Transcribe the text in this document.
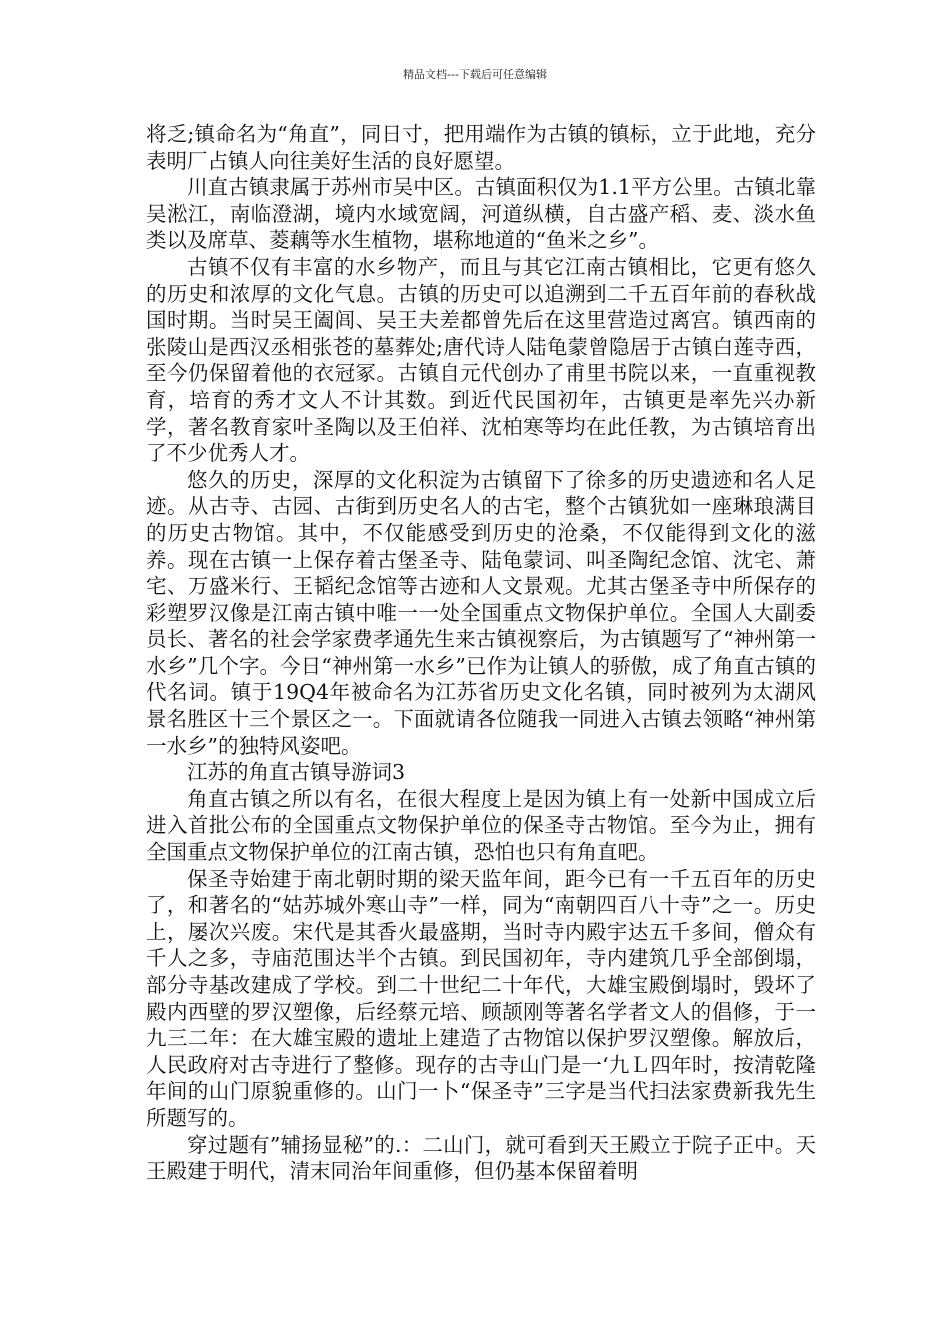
精品文档---下载后可任意编辑

将乏;镇命名为“角直”，同日寸，把用端作为古镇的镇标，立于此地，充分表明厂占镇人向往美好生活的良好愿望。

川直古镇隶属于苏州市吴中区。古镇面积仅为1.1平方公里。古镇北靠吴淞江，南临澄湖，境内水域宽阔，河道纵横，自古盛产稻、麦、淡水鱼类以及席草、菱藕等水生植物，堪称地道的“鱼米之乡”。

古镇不仅有丰富的水乡物产，而且与其它江南古镇相比，它更有悠久的历史和浓厚的文化气息。古镇的历史可以追溯到二千五百年前的春秋战国时期。当时吴王阖闾、吴王夫差都曾先后在这里营造过离宫。镇西南的张陵山是西汉丞相张苍的墓葬处;唐代诗人陆龟蒙曾隐居于古镇白莲寺西，至今仍保留着他的衣冠冢。古镇自元代创办了甫里书院以来，一直重视教育，培育的秀才文人不计其数。到近代民国初年，古镇更是率先兴办新学，著名教育家叶圣陶以及王伯祥、沈柏寒等均在此任教，为古镇培育出了不少优秀人才。

悠久的历史，深厚的文化积淀为古镇留下了徐多的历史遗迹和名人足迹。从古寺、古园、古街到历史名人的古宅，整个古镇犹如一座琳琅满目的历史古物馆。其中，不仅能感受到历史的沧桑，不仅能得到文化的滋养。现在古镇一上保存着古堡圣寺、陆龟蒙词、叫圣陶纪念馆、沈宅、萧宅、万盛米行、王韬纪念馆等古迹和人文景观。尤其古堡圣寺中所保存的彩塑罗汉像是江南古镇中唯一一处全国重点文物保护单位。全国人大副委员长、著名的社会学家费孝通先生来古镇视察后，为古镇题写了“神州第一水乡”几个字。今日“神州第一水乡”已作为让镇人的骄傲，成了角直古镇的代名词。镇于19Q4年被命名为江苏省历史文化名镇，同时被列为太湖风景名胜区十三个景区之一。下面就请各位随我一同进入古镇去领略“神州第一水乡”的独特风姿吧。

江苏的角直古镇导游词3

角直古镇之所以有名，在很大程度上是因为镇上有一处新中国成立后进入首批公布的全国重点文物保护单位的保圣寺古物馆。至今为止，拥有全国重点文物保护单位的江南古镇，恐怕也只有角直吧。

保圣寺始建于南北朝时期的梁天监年间，距今已有一千五百年的历史了，和著名的“姑苏城外寒山寺”一样，同为“南朝四百八十寺”之一。历史上，屡次兴废。宋代是其香火最盛期，当时寺内殿宇达五千多间，僧众有千人之多，寺庙范围达半个古镇。到民国初年，寺内建筑几乎全部倒塌，部分寺基改建成了学校。到二十世纪二十年代，大雄宝殿倒塌时，毁坏了殿内西壁的罗汉塑像，后经蔡元培、顾颉刚等著名学者文人的倡修，于一九三二年：在大雄宝殿的遗址上建造了古物馆以保护罗汉塑像。解放后，人民政府对古寺进行了整修。现存的古寺山门是一‘九Ｌ四年时，按清乾隆年间的山门原貌重修的。山门一卜“保圣寺”三字是当代扫法家费新我先生所题写的。

穿过题有”辅扬显秘”的.：二山门，就可看到天王殿立于院子正中。天王殿建于明代，清末同治年间重修，但仍基本保留着明
